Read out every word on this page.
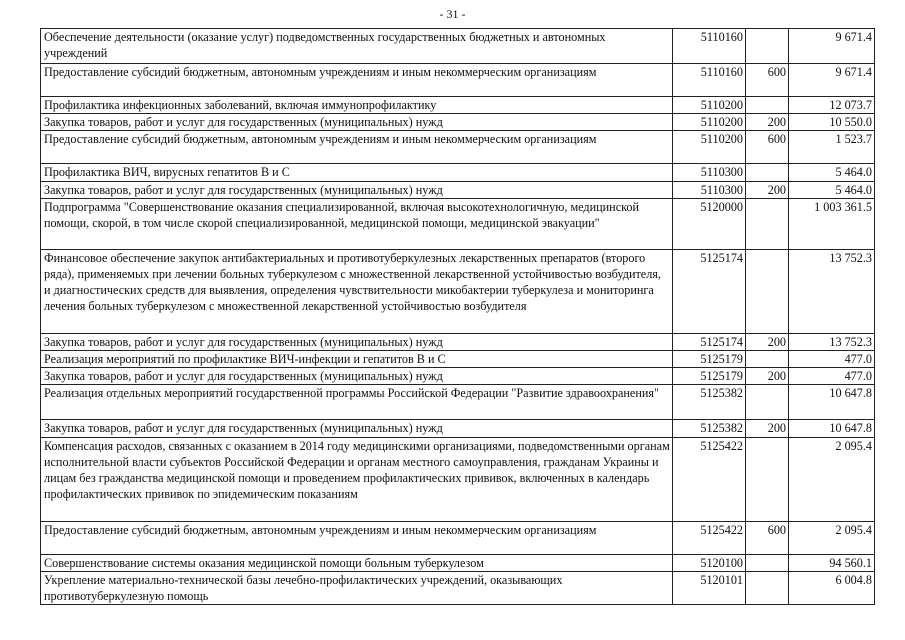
- 31 -
Обеспечение деятельности (оказание услуг) подведомственных государственных бюджетных и автономных учреждений	5110160		9 671.4
Предоставление субсидий бюджетным, автономным учреждениям и иным некоммерческим организациям	5110160	600	9 671.4
Профилактика инфекционных заболеваний, включая иммунопрофилактику	5110200		12 073.7
Закупка товаров, работ и услуг для государственных (муниципальных) нужд	5110200	200	10 550.0
Предоставление субсидий бюджетным, автономным учреждениям и иным некоммерческим организациям	5110200	600	1 523.7
Профилактика ВИЧ, вирусных гепатитов В и С	5110300		5 464.0
Закупка товаров, работ и услуг для государственных (муниципальных) нужд	5110300	200	5 464.0
Подпрограмма "Совершенствование оказания специализированной, включая высокотехнологичную, медицинской помощи, скорой, в том числе скорой специализированной, медицинской помощи, медицинской эвакуации"	5120000		1 003 361.5
Финансовое обеспечение закупок антибактериальных и противотуберкулезных лекарственных препаратов (второго ряда), применяемых при лечении больных туберкулезом с множественной лекарственной устойчивостью возбудителя, и диагностических средств для выявления, определения чувствительности микобактерии туберкулеза и мониторинга лечения больных туберкулезом с множественной лекарственной устойчивостью возбудителя	5125174		13 752.3
Закупка товаров, работ и услуг для государственных (муниципальных) нужд	5125174	200	13 752.3
Реализация мероприятий по профилактике ВИЧ-инфекции и гепатитов В и С	5125179		477.0
Закупка товаров, работ и услуг для государственных (муниципальных) нужд	5125179	200	477.0
Реализация отдельных мероприятий государственной программы Российской Федерации "Развитие здравоохранения"	5125382		10 647.8
Закупка товаров, работ и услуг для государственных (муниципальных) нужд	5125382	200	10 647.8
Компенсация расходов, связанных с оказанием в 2014 году медицинскими организациями, подведомственными органам исполнительной власти субъектов Российской Федерации и органам местного самоуправления, гражданам Украины и лицам без гражданства медицинской помощи и проведением профилактических прививок, включенных в календарь профилактических прививок по эпидемическим показаниям	5125422		2 095.4
Предоставление субсидий бюджетным, автономным учреждениям и иным некоммерческим организациям	5125422	600	2 095.4
Совершенствование системы оказания медицинской помощи больным туберкулезом	5120100		94 560.1
Укрепление материально-технической базы лечебно-профилактических учреждений, оказывающих противотуберкулезную помощь	5120101		6 004.8
